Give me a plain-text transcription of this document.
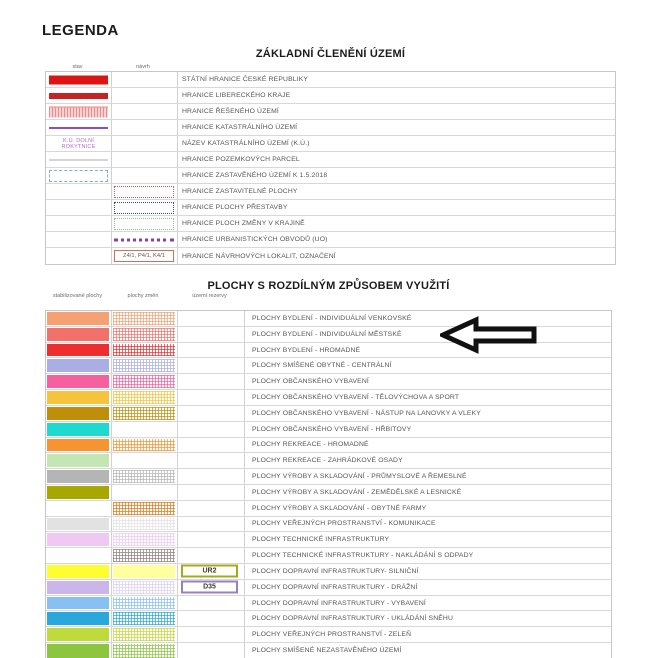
LEGENDA
ZÁKLADNÍ ČLENĚNÍ ÚZEMÍ
stav	návrh
STÁTNÍ HRANICE ČESKÉ REPUBLIKY
HRANICE LIBERECKÉHO KRAJE
HRANICE ŘEŠENÉHO ÚZEMÍ
HRANICE KATASTRÁLNÍHO ÚZEMÍ
K.Ú. DOLNÍ ROKYTNICE	NÁZEV KATASTRÁLNÍHO ÚZEMÍ (K.Ú.)
HRANICE POZEMKOVÝCH PARCEL
HRANICE ZASTAVĚNÉHO ÚZEMÍ K 1.5.2018
HRANICE ZASTAVITELNÉ PLOCHY
HRANICE PLOCHY PŘESTAVBY
HRANICE PLOCH ZMĚNY V KRAJINĚ
HRANICE URBANISTICKÝCH OBVODŮ (UO)
Z4/1, P4/1, K4/1	HRANICE NÁVRHOVÝCH LOKALIT, OZNAČENÍ
PLOCHY S ROZDÍLNÝM ZPŮSOBEM VYUŽITÍ
stabilizované plochy	plochy změn	území rezervy
PLOCHY BYDLENÍ - INDIVIDUÁLNÍ VENKOVSKÉ
PLOCHY BYDLENÍ - INDIVIDUÁLNÍ MĚSTSKÉ
PLOCHY BYDLENÍ - HROMADNÉ
PLOCHY SMÍŠENÉ OBYTNÉ - CENTRÁLNÍ
PLOCHY OBČANSKÉHO VYBAVENÍ
PLOCHY OBČANSKÉHO VYBAVENÍ - TĚLOVÝCHOVA A SPORT
PLOCHY OBČANSKÉHO VYBAVENÍ - NÁSTUP NA LANOVKY A VLEKY
PLOCHY OBČANSKÉHO VYBAVENÍ - HŘBITOVY
PLOCHY REKREACE - HROMADNÉ
PLOCHY REKREACE - ZAHRÁDKOVÉ OSADY
PLOCHY VÝROBY A SKLADOVÁNÍ - PRŮMYSLOVÉ A ŘEMESLNÉ
PLOCHY VÝROBY A SKLADOVÁNÍ - ZEMĚDĚLSKÉ A LESNICKÉ
PLOCHY VÝROBY A SKLADOVÁNÍ - OBYTNÉ FARMY
PLOCHY VEŘEJNÝCH PROSTRANSTVÍ - KOMUNIKACE
PLOCHY TECHNICKÉ INFRASTRUKTURY
PLOCHY TECHNICKÉ INFRASTRUKTURY - NAKLÁDÁNÍ S ODPADY
UR2	PLOCHY DOPRAVNÍ INFRASTRUKTURY- SILNIČNÍ
D35	PLOCHY DOPRAVNÍ INFRASTRUKTURY - DRÁŽNÍ
PLOCHY DOPRAVNÍ INFRASTRUKTURY - VYBAVENÍ
PLOCHY DOPRAVNÍ INFRASTRUKTURY - UKLÁDÁNÍ SNĚHU
PLOCHY VEŘEJNÝCH PROSTRANSTVÍ - ZELEŇ
PLOCHY SMÍŠENÉ NEZASTAVĚNÉHO ÚZEMÍ
